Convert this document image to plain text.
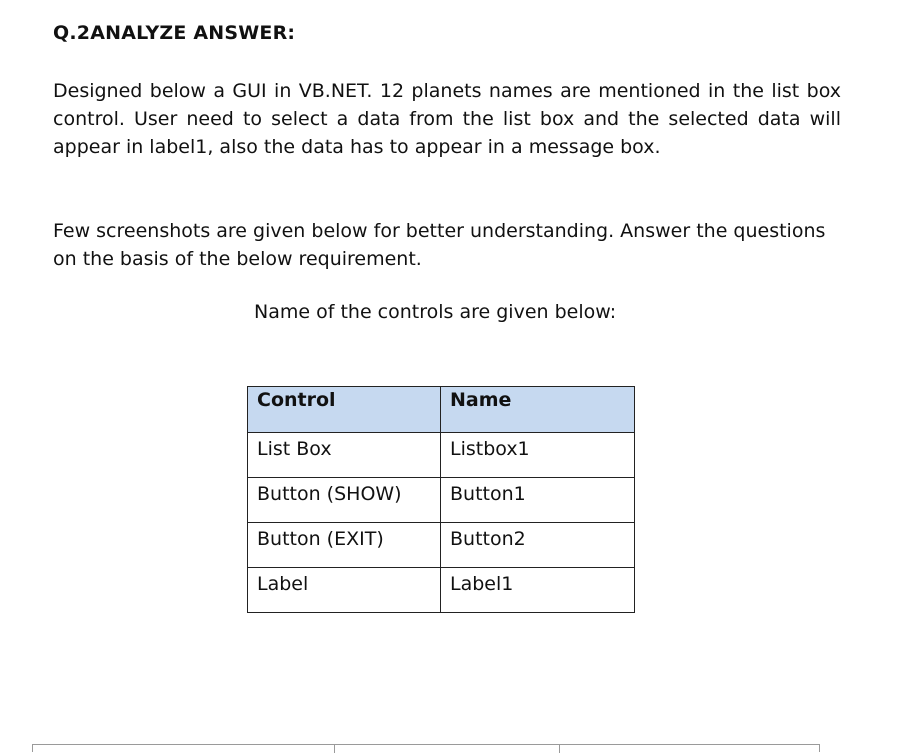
Q.2ANALYZE ANSWER:

Designed below a GUI in VB.NET. 12 planets names are mentioned in the list box control. User need to select a data from the list box and the selected data will appear in label1, also the data has to appear in a message box.

Few screenshots are given below for better understanding. Answer the questions on the basis of the below requirement.

Name of the controls are given below:

Control	Name
List Box	Listbox1
Button (SHOW)	Button1
Button (EXIT)	Button2
Label	Label1
